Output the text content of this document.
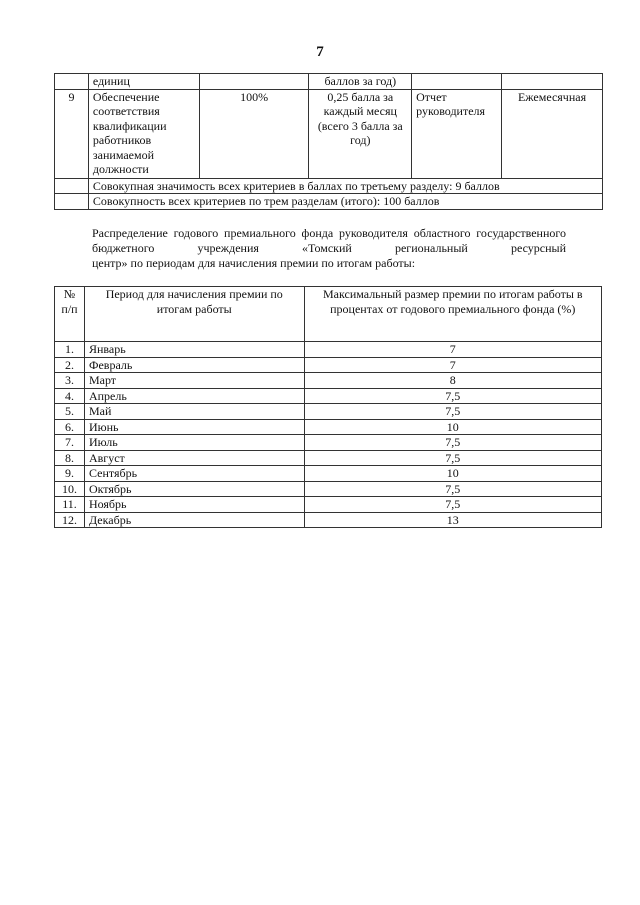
7
	единиц		баллов за год)		
9	Обеспечение соответствия квалификации работников занимаемой должности	100%	0,25 балла за каждый месяц (всего 3 балла за год)	Отчет руководителя	Ежемесячная
	Совокупная значимость всех критериев в баллах по третьему разделу: 9 баллов				
	Совокупность всех критериев по трем разделам (итого): 100 баллов				
Распределение годового премиального фонда руководителя областного государственного бюджетного учреждения «Томский региональный ресурсный
центр» по периодам для начисления премии по итогам работы:
№ п/п	Период для начисления премии по итогам работы	Максимальный размер премии по итогам работы в процентах от годового премиального фонда (%)
1.	Январь	7
2.	Февраль	7
3.	Март	8
4.	Апрель	7,5
5.	Май	7,5
6.	Июнь	10
7.	Июль	7,5
8.	Август	7,5
9.	Сентябрь	10
10.	Октябрь	7,5
11.	Ноябрь	7,5
12.	Декабрь	13
